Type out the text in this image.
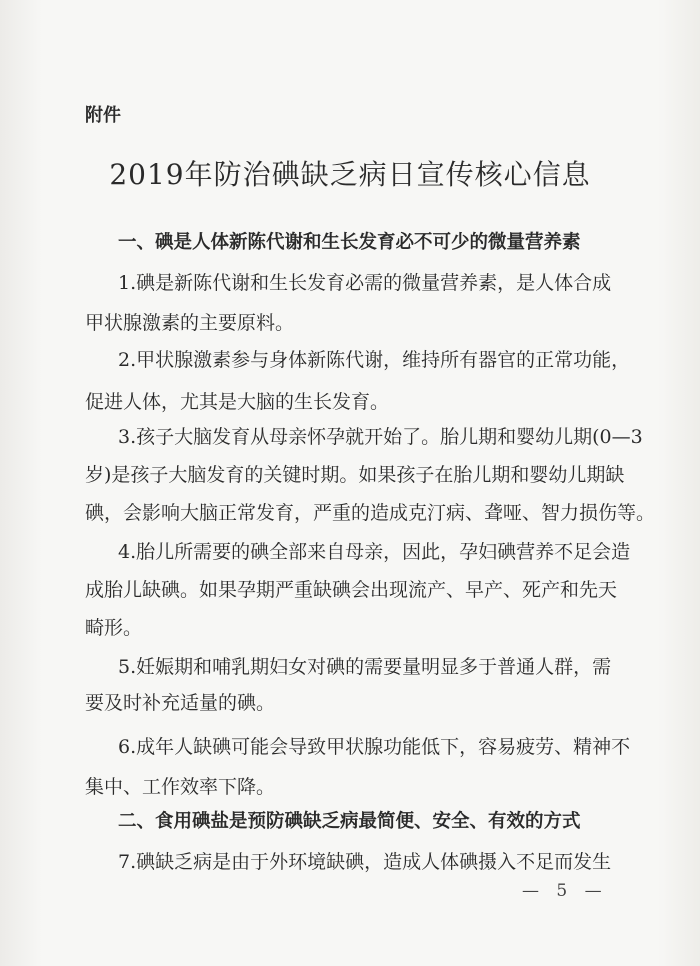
附件
2019年防治碘缺乏病日宣传核心信息
一、碘是人体新陈代谢和生长发育必不可少的微量营养素
1.碘是新陈代谢和生长发育必需的微量营养素，是人体合成
甲状腺激素的主要原料。
2.甲状腺激素参与身体新陈代谢，维持所有器官的正常功能，
促进人体，尤其是大脑的生长发育。
3.孩子大脑发育从母亲怀孕就开始了。胎儿期和婴幼儿期(0—3
岁)是孩子大脑发育的关键时期。如果孩子在胎儿期和婴幼儿期缺
碘，会影响大脑正常发育，严重的造成克汀病、聋哑、智力损伤等。
4.胎儿所需要的碘全部来自母亲，因此，孕妇碘营养不足会造
成胎儿缺碘。如果孕期严重缺碘会出现流产、早产、死产和先天
畸形。
5.妊娠期和哺乳期妇女对碘的需要量明显多于普通人群，需
要及时补充适量的碘。
6.成年人缺碘可能会导致甲状腺功能低下，容易疲劳、精神不
集中、工作效率下降。
二、食用碘盐是预防碘缺乏病最简便、安全、有效的方式
7.碘缺乏病是由于外环境缺碘，造成人体碘摄入不足而发生
— 5 —
